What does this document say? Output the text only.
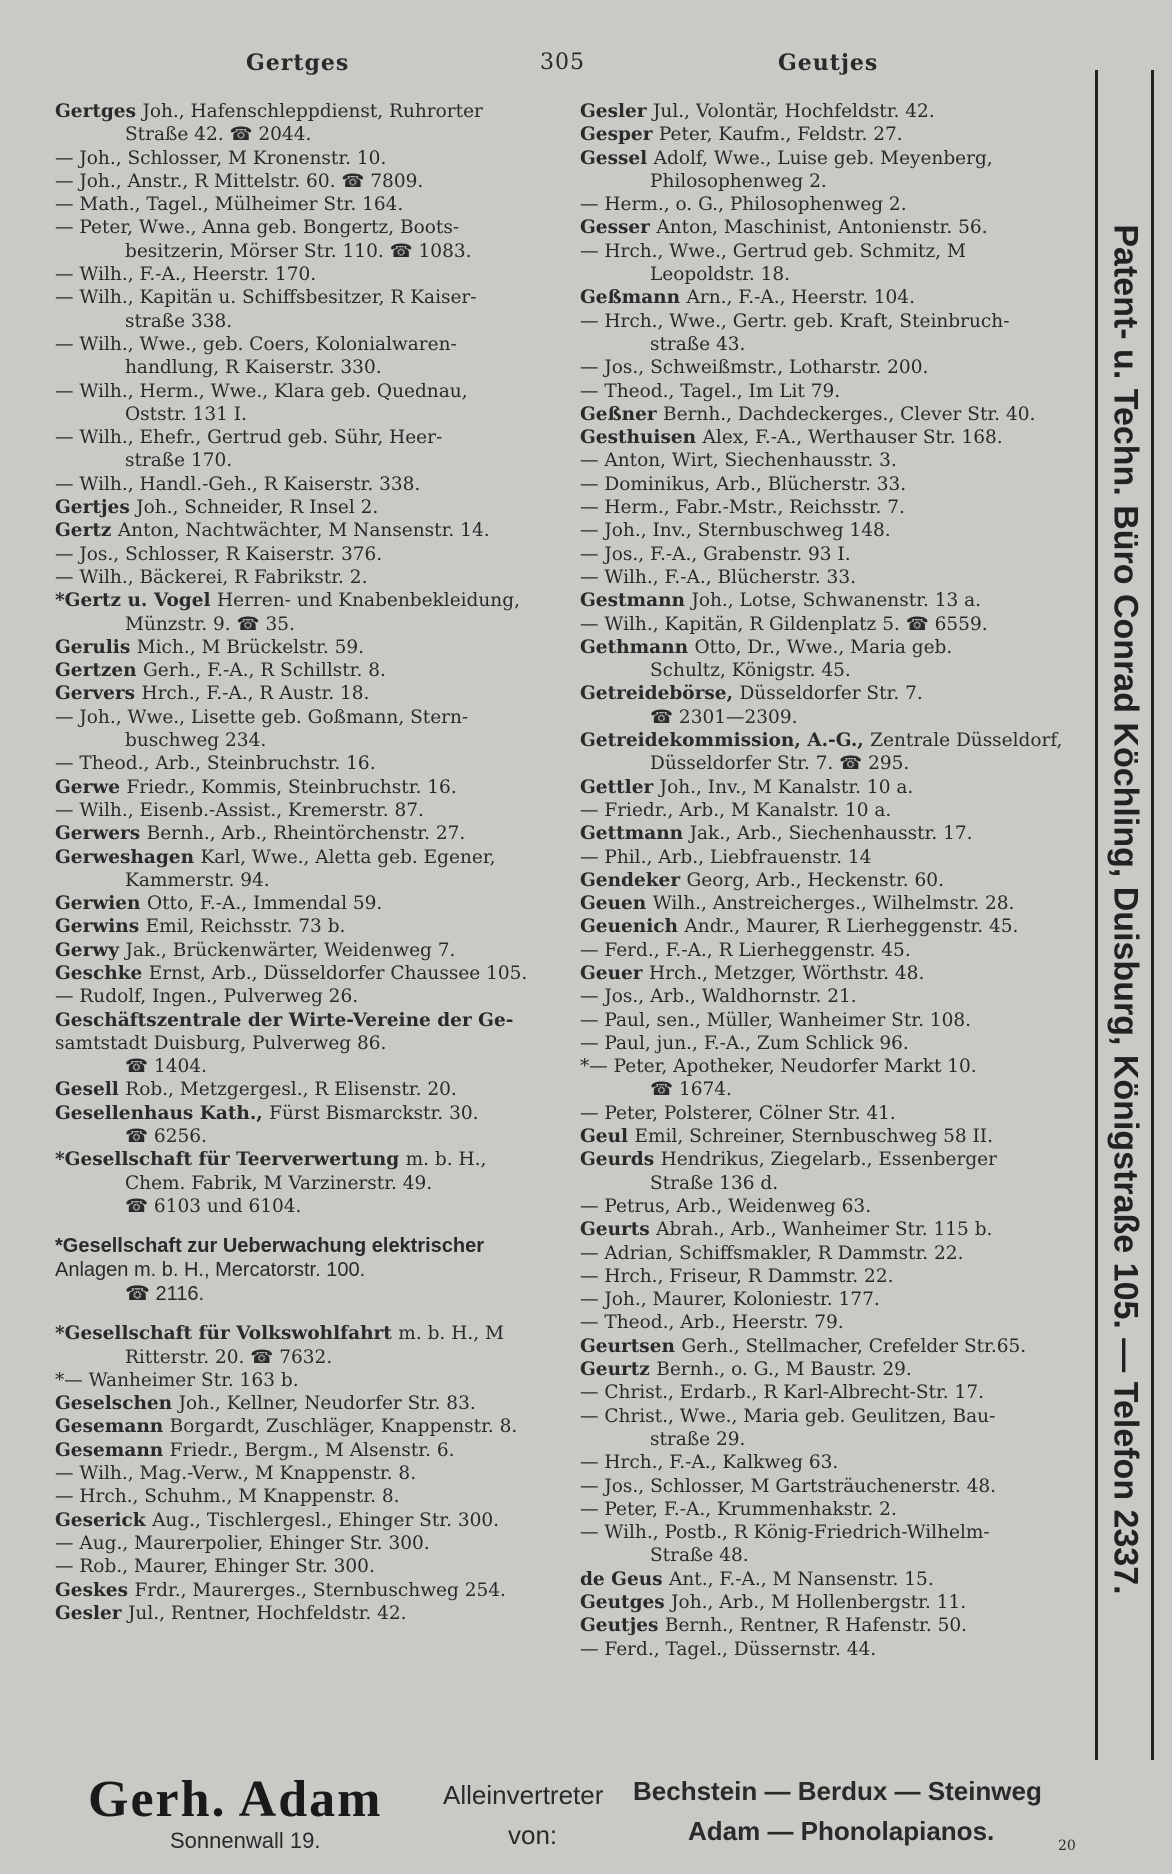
Gertges	305	Geutjes
Gertges Joh., Hafenschleppdienst, Ruhrorter
Straße 42. ☎ 2044.
— Joh., Schlosser, M Kronenstr. 10.
— Joh., Anstr., R Mittelstr. 60. ☎ 7809.
— Math., Tagel., Mülheimer Str. 164.
— Peter, Wwe., Anna geb. Bongertz, Boots-
besitzerin, Mörser Str. 110. ☎ 1083.
— Wilh., F.-A., Heerstr. 170.
— Wilh., Kapitän u. Schiffsbesitzer, R Kaiser-
straße 338.
— Wilh., Wwe., geb. Coers, Kolonialwaren-
handlung, R Kaiserstr. 330.
— Wilh., Herm., Wwe., Klara geb. Quednau,
Oststr. 131 I.
— Wilh., Ehefr., Gertrud geb. Sühr, Heer-
straße 170.
— Wilh., Handl.-Geh., R Kaiserstr. 338.
Gertjes Joh., Schneider, R Insel 2.
Gertz Anton, Nachtwächter, M Nansenstr. 14.
— Jos., Schlosser, R Kaiserstr. 376.
— Wilh., Bäckerei, R Fabrikstr. 2.
*Gertz u. Vogel Herren- und Knabenbekleidung,
Münzstr. 9. ☎ 35.
Gerulis Mich., M Brückelstr. 59.
Gertzen Gerh., F.-A., R Schillstr. 8.
Gervers Hrch., F.-A., R Austr. 18.
— Joh., Wwe., Lisette geb. Goßmann, Stern-
buschweg 234.
— Theod., Arb., Steinbruchstr. 16.
Gerwe Friedr., Kommis, Steinbruchstr. 16.
— Wilh., Eisenb.-Assist., Kremerstr. 87.
Gerwers Bernh., Arb., Rheintörchenstr. 27.
Gerweshagen Karl, Wwe., Aletta geb. Egener,
Kammerstr. 94.
Gerwien Otto, F.-A., Immendal 59.
Gerwins Emil, Reichsstr. 73 b.
Gerwy Jak., Brückenwärter, Weidenweg 7.
Geschke Ernst, Arb., Düsseldorfer Chaussee 105.
— Rudolf, Ingen., Pulverweg 26.
Geschäftszentrale der Wirte-Vereine der Ge- samtstadt Duisburg, Pulverweg 86.
☎ 1404.
Gesell Rob., Metzgergesl., R Elisenstr. 20.
Gesellenhaus Kath., Fürst Bismarckstr. 30.
☎ 6256.
*Gesellschaft für Teerverwertung m. b. H.,
Chem. Fabrik, M Varzinerstr. 49.
☎ 6103 und 6104.
*Gesellschaft zur Ueberwachung elektrischer Anlagen m. b. H., Mercatorstr. 100.
☎ 2116.
*Gesellschaft für Volkswohlfahrt m. b. H., M
Ritterstr. 20. ☎ 7632.
*— Wanheimer Str. 163 b.
Geselschen Joh., Kellner, Neudorfer Str. 83.
Gesemann Borgardt, Zuschläger, Knappenstr. 8.
Gesemann Friedr., Bergm., M Alsenstr. 6.
— Wilh., Mag.-Verw., M Knappenstr. 8.
— Hrch., Schuhm., M Knappenstr. 8.
Geserick Aug., Tischlergesl., Ehinger Str. 300.
— Aug., Maurerpolier, Ehinger Str. 300.
— Rob., Maurer, Ehinger Str. 300.
Geskes Frdr., Maurerges., Sternbuschweg 254.
Gesler Jul., Rentner, Hochfeldstr. 42.
Gesler Jul., Volontär, Hochfeldstr. 42.
Gesper Peter, Kaufm., Feldstr. 27.
Gessel Adolf, Wwe., Luise geb. Meyenberg,
Philosophenweg 2.
— Herm., o. G., Philosophenweg 2.
Gesser Anton, Maschinist, Antonienstr. 56.
— Hrch., Wwe., Gertrud geb. Schmitz, M
Leopoldstr. 18.
Geßmann Arn., F.-A., Heerstr. 104.
— Hrch., Wwe., Gertr. geb. Kraft, Steinbruch-
straße 43.
— Jos., Schweißmstr., Lotharstr. 200.
— Theod., Tagel., Im Lit 79.
Geßner Bernh., Dachdeckerges., Clever Str. 40.
Gesthuisen Alex, F.-A., Werthauser Str. 168.
— Anton, Wirt, Siechenhausstr. 3.
— Dominikus, Arb., Blücherstr. 33.
— Herm., Fabr.-Mstr., Reichsstr. 7.
— Joh., Inv., Sternbuschweg 148.
— Jos., F.-A., Grabenstr. 93 I.
— Wilh., F.-A., Blücherstr. 33.
Gestmann Joh., Lotse, Schwanenstr. 13 a.
— Wilh., Kapitän, R Gildenplatz 5. ☎ 6559.
Gethmann Otto, Dr., Wwe., Maria geb.
Schultz, Königstr. 45.
Getreidebörse, Düsseldorfer Str. 7.
☎ 2301—2309.
Getreidekommission, A.-G., Zentrale Düsseldorf,
Düsseldorfer Str. 7. ☎ 295.
Gettler Joh., Inv., M Kanalstr. 10 a.
— Friedr., Arb., M Kanalstr. 10 a.
Gettmann Jak., Arb., Siechenhausstr. 17.
— Phil., Arb., Liebfrauenstr. 14
Gendeker Georg, Arb., Heckenstr. 60.
Geuen Wilh., Anstreicherges., Wilhelmstr. 28.
Geuenich Andr., Maurer, R Lierheggenstr. 45.
— Ferd., F.-A., R Lierheggenstr. 45.
Geuer Hrch., Metzger, Wörthstr. 48.
— Jos., Arb., Waldhornstr. 21.
— Paul, sen., Müller, Wanheimer Str. 108.
— Paul, jun., F.-A., Zum Schlick 96.
*— Peter, Apotheker, Neudorfer Markt 10.
☎ 1674.
— Peter, Polsterer, Cölner Str. 41.
Geul Emil, Schreiner, Sternbuschweg 58 II.
Geurds Hendrikus, Ziegelarb., Essenberger
Straße 136 d.
— Petrus, Arb., Weidenweg 63.
Geurts Abrah., Arb., Wanheimer Str. 115 b.
— Adrian, Schiffsmakler, R Dammstr. 22.
— Hrch., Friseur, R Dammstr. 22.
— Joh., Maurer, Koloniestr. 177.
— Theod., Arb., Heerstr. 79.
Geurtsen Gerh., Stellmacher, Crefelder Str.65.
Geurtz Bernh., o. G., M Baustr. 29.
— Christ., Erdarb., R Karl-Albrecht-Str. 17.
— Christ., Wwe., Maria geb. Geulitzen, Bau-
straße 29.
— Hrch., F.-A., Kalkweg 63.
— Jos., Schlosser, M Gartsträuchenerstr. 48.
— Peter, F.-A., Krummenhakstr. 2.
— Wilh., Postb., R König-Friedrich-Wilhelm-
Straße 48.
de Geus Ant., F.-A., M Nansenstr. 15.
Geutges Joh., Arb., M Hollenbergstr. 11.
Geutjes Bernh., Rentner, R Hafenstr. 50.
— Ferd., Tagel., Düssernstr. 44.
Patent- u. Techn. Büro Conrad Köchling, Duisburg, Königstraße 105. — Telefon 2337.
Gerh. Adam
Sonnenwall 19.
Alleinvertreter
von:
Bechstein — Berdux — Steinweg
Adam — Phonolapianos.	20
